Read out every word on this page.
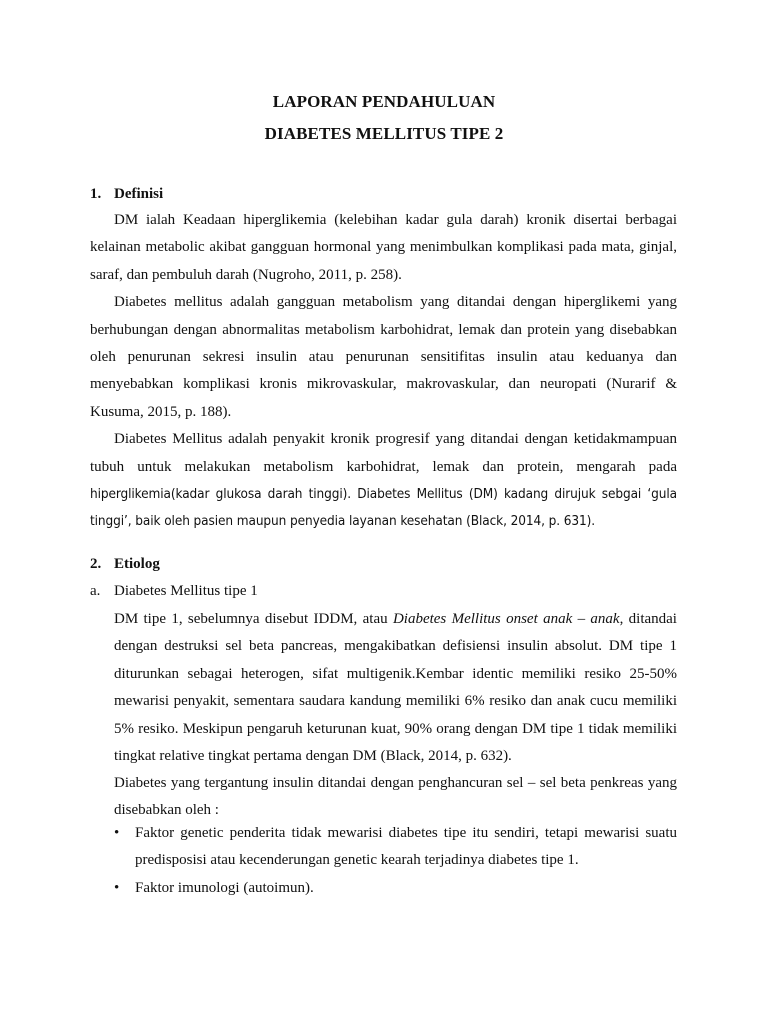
LAPORAN PENDAHULUAN
DIABETES MELLITUS TIPE 2
1. Definisi

DM ialah Keadaan hiperglikemia (kelebihan kadar gula darah) kronik disertai berbagai kelainan metabolic akibat gangguan hormonal yang menimbulkan komplikasi pada mata, ginjal, saraf, dan pembuluh darah (Nugroho, 2011, p. 258).

Diabetes mellitus adalah gangguan metabolism yang ditandai dengan hiperglikemi yang berhubungan dengan abnormalitas metabolism karbohidrat, lemak dan protein yang disebabkan oleh penurunan sekresi insulin atau penurunan sensitifitas insulin atau keduanya dan menyebabkan komplikasi kronis mikrovaskular, makrovaskular, dan neuropati (Nurarif & Kusuma, 2015, p. 188).

Diabetes Mellitus adalah penyakit kronik progresif yang ditandai dengan ketidakmampuan tubuh untuk melakukan metabolism karbohidrat, lemak dan protein, mengarah pada hiperglikemia(kadar glukosa darah tinggi). Diabetes Mellitus (DM) kadang dirujuk sebgai ‘gula tinggi’, baik oleh pasien maupun penyedia layanan kesehatan (Black, 2014, p. 631).

2. Etiolog
a. Diabetes Mellitus tipe 1

DM tipe 1, sebelumnya disebut IDDM, atau Diabetes Mellitus onset anak – anak, ditandai dengan destruksi sel beta pancreas, mengakibatkan defisiensi insulin absolut. DM tipe 1 diturunkan sebagai heterogen, sifat multigenik.Kembar identic memiliki resiko 25-50% mewarisi penyakit, sementara saudara kandung memiliki 6% resiko dan anak cucu memiliki 5% resiko. Meskipun pengaruh keturunan kuat, 90% orang dengan DM tipe 1 tidak memiliki tingkat relative tingkat pertama dengan DM (Black, 2014, p. 632).

Diabetes yang tergantung insulin ditandai dengan penghancuran sel – sel beta penkreas yang disebabkan oleh :

•	Faktor genetic penderita tidak mewarisi diabetes tipe itu sendiri, tetapi mewarisi suatu predisposisi atau kecenderungan genetic kearah terjadinya diabetes tipe 1.
•	Faktor imunologi (autoimun).
